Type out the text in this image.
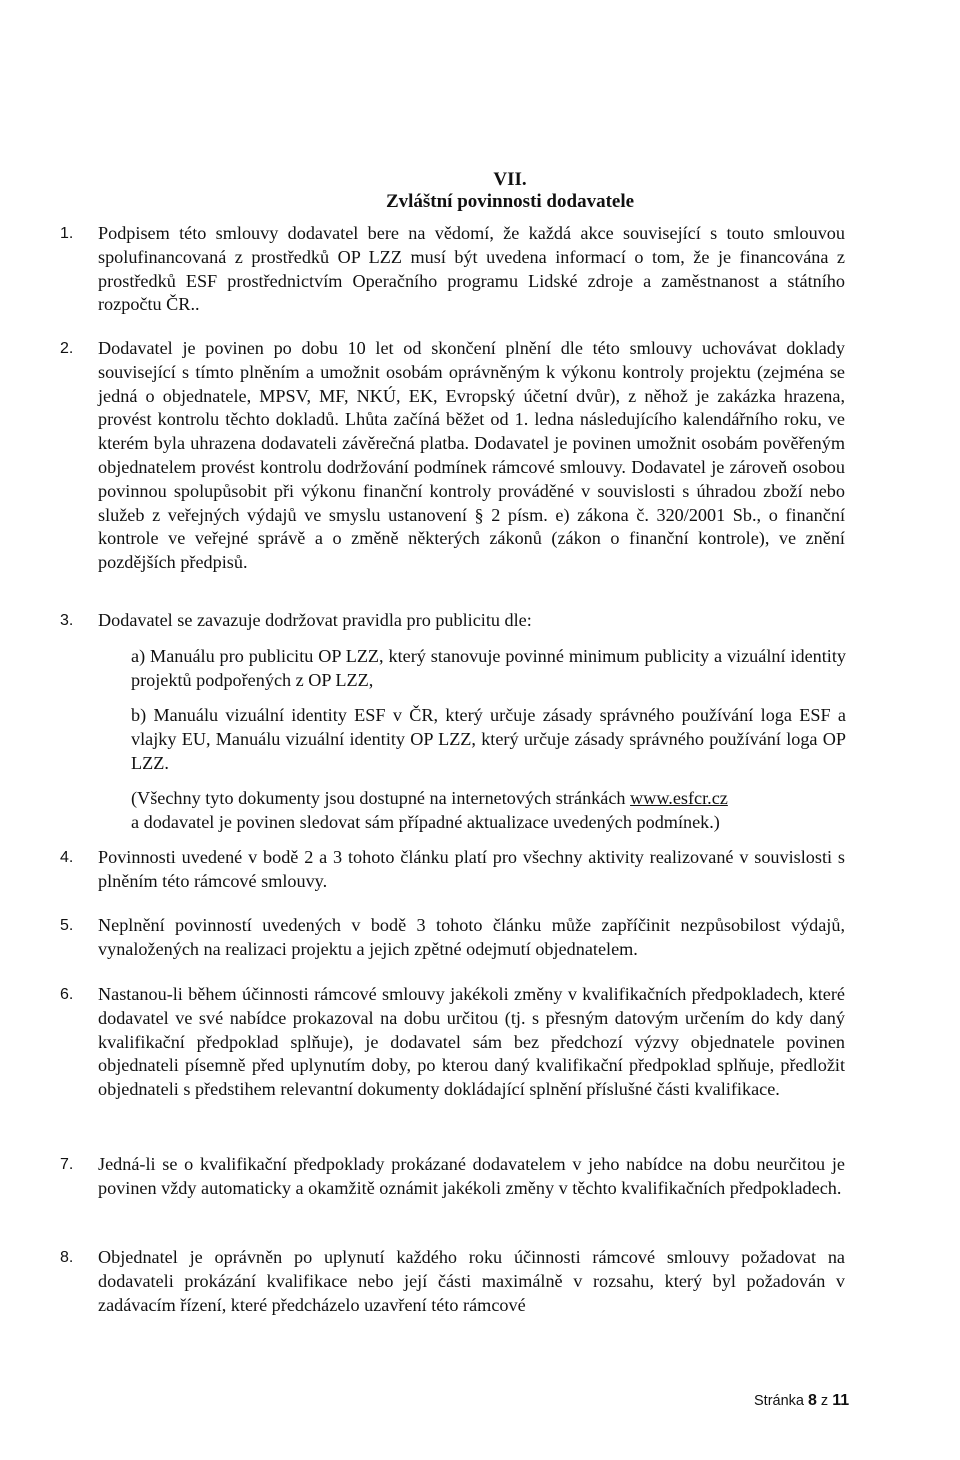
VII.
Zvláštní povinnosti dodavatele
1.	Podpisem této smlouvy dodavatel bere na vědomí, že každá akce související s touto smlouvou spolufinancovaná z prostředků OP LZZ musí být uvedena informací o tom, že je financována z prostředků ESF prostřednictvím Operačního programu Lidské zdroje a zaměstnanost a státního rozpočtu ČR..
2.	Dodavatel je povinen po dobu 10 let od skončení plnění dle této smlouvy uchovávat doklady související s tímto plněním a umožnit osobám oprávněným k výkonu kontroly projektu (zejména se jedná o objednatele, MPSV, MF, NKÚ, EK, Evropský účetní dvůr), z něhož je zakázka hrazena, provést kontrolu těchto dokladů. Lhůta začíná běžet od 1. ledna následujícího kalendářního roku, ve kterém byla uhrazena dodavateli závěrečná platba. Dodavatel je povinen umožnit osobám pověřeným objednatelem provést kontrolu dodržování podmínek rámcové smlouvy. Dodavatel je zároveň osobou povinnou spolupůsobit při výkonu finanční kontroly prováděné v souvislosti s úhradou zboží nebo služeb z veřejných výdajů ve smyslu ustanovení § 2 písm. e) zákona č. 320/2001 Sb., o finanční kontrole ve veřejné správě a o změně některých zákonů (zákon o finanční kontrole), ve znění pozdějších předpisů.
3.	Dodavatel se zavazuje dodržovat pravidla pro publicitu dle:
a) Manuálu pro publicitu OP LZZ, který stanovuje povinné minimum publicity a vizuální identity projektů podpořených z OP LZZ,
b) Manuálu vizuální identity ESF v ČR, který určuje zásady správného používání loga ESF a vlajky EU, Manuálu vizuální identity OP LZZ, který určuje zásady správného používání loga OP LZZ.
(Všechny tyto dokumenty jsou dostupné na internetových stránkách www.esfcr.cz
a dodavatel je povinen sledovat sám případné aktualizace uvedených podmínek.)
4.	Povinnosti uvedené v bodě 2 a 3 tohoto článku platí pro všechny aktivity realizované v souvislosti s plněním této rámcové smlouvy.
5.	Neplnění povinností uvedených v bodě 3 tohoto článku může zapříčinit nezpůsobilost výdajů, vynaložených na realizaci projektu a jejich zpětné odejmutí objednatelem.
6.	Nastanou-li během účinnosti rámcové smlouvy jakékoli změny v kvalifikačních předpokladech, které dodavatel ve své nabídce prokazoval na dobu určitou (tj. s přesným datovým určením do kdy daný kvalifikační předpoklad splňuje), je dodavatel sám bez předchozí výzvy objednatele povinen objednateli písemně před uplynutím doby, po kterou daný kvalifikační předpoklad splňuje, předložit objednateli s předstihem relevantní dokumenty dokládající splnění příslušné části kvalifikace.
7.	Jedná-li se o kvalifikační předpoklady prokázané dodavatelem v jeho nabídce na dobu neurčitou je povinen vždy automaticky a okamžitě oznámit jakékoli změny v těchto kvalifikačních předpokladech.
8.	Objednatel je oprávněn po uplynutí každého roku účinnosti rámcové smlouvy požadovat na dodavateli prokázání kvalifikace nebo její části maximálně v rozsahu, který byl požadován v zadávacím řízení, které předcházelo uzavření této rámcové
Stránka 8 z 11
